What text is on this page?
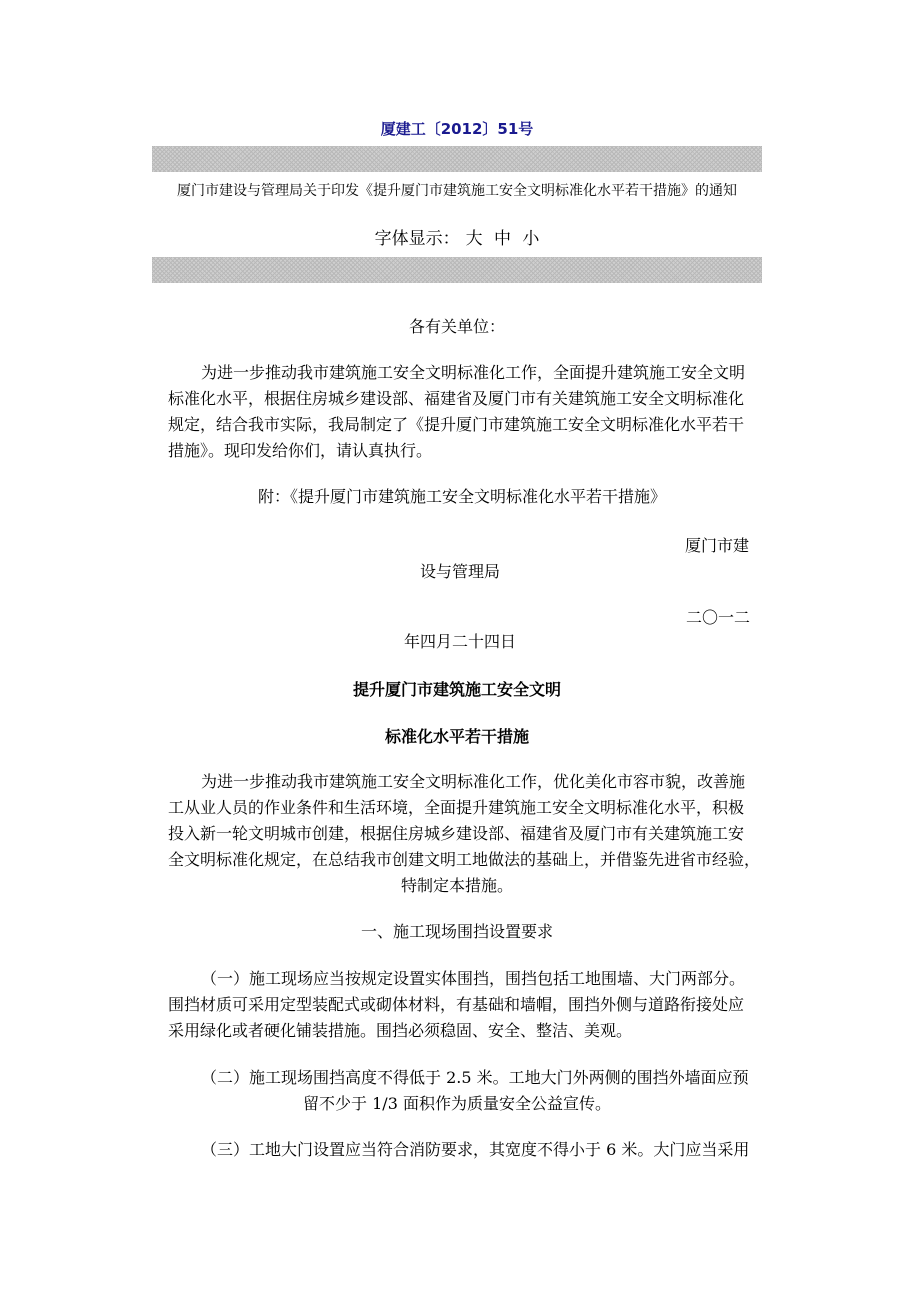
厦建工〔2012〕51号
厦门市建设与管理局关于印发《提升厦门市建筑施工安全文明标准化水平若干措施》的通知
字体显示： 大 中 小
各有关单位：
为进一步推动我市建筑施工安全文明标准化工作，全面提升建筑施工安全文明
标准化水平，根据住房城乡建设部、福建省及厦门市有关建筑施工安全文明标准化
规定，结合我市实际，我局制定了《提升厦门市建筑施工安全文明标准化水平若干
措施》。现印发给你们，请认真执行。
附：《提升厦门市建筑施工安全文明标准化水平若干措施》
厦门市建
设与管理局
二〇一二
年四月二十四日
提升厦门市建筑施工安全文明
标准化水平若干措施
为进一步推动我市建筑施工安全文明标准化工作，优化美化市容市貌，改善施
工从业人员的作业条件和生活环境，全面提升建筑施工安全文明标准化水平，积极
投入新一轮文明城市创建，根据住房城乡建设部、福建省及厦门市有关建筑施工安
全文明标准化规定，在总结我市创建文明工地做法的基础上，并借鉴先进省市经验，
特制定本措施。
一、施工现场围挡设置要求
（一）施工现场应当按规定设置实体围挡，围挡包括工地围墙、大门两部分。
围挡材质可采用定型装配式或砌体材料，有基础和墙帽，围挡外侧与道路衔接处应
采用绿化或者硬化铺装措施。围挡必须稳固、安全、整洁、美观。
（二）施工现场围挡高度不得低于 2.5 米。工地大门外两侧的围挡外墙面应预
留不少于 1/3 面积作为质量安全公益宣传。
（三）工地大门设置应当符合消防要求，其宽度不得小于 6 米。大门应当采用
